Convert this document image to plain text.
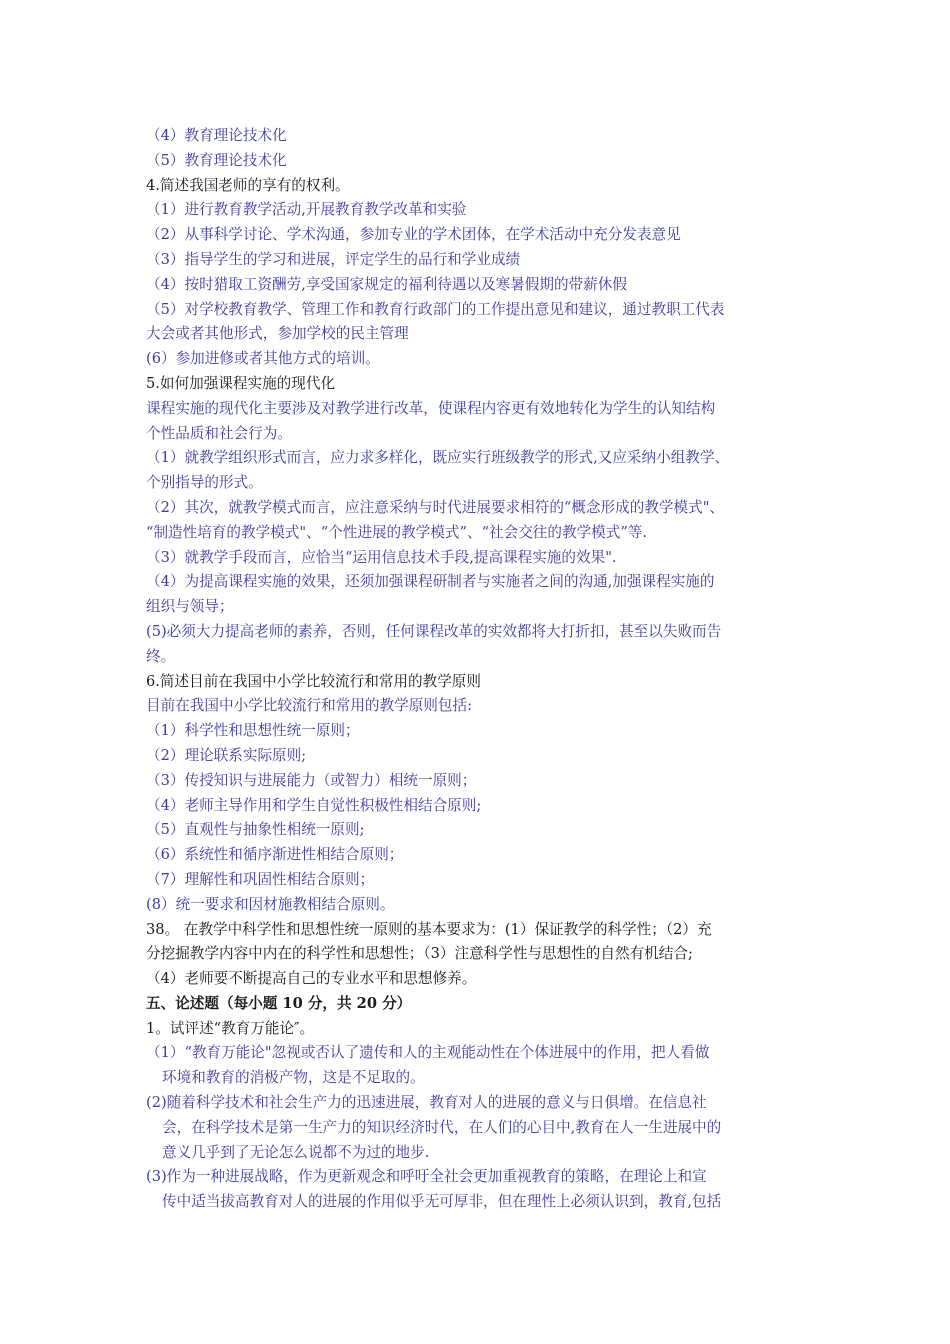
（4）教育理论技术化

（5）教育理论技术化

4.简述我国老师的享有的权利。

（1）进行教育教学活动,开展教育教学改革和实验

（2）从事科学讨论、学术沟通，参加专业的学术团体，在学术活动中充分发表意见

（3）指导学生的学习和进展，评定学生的品行和学业成绩

（4）按时猎取工资酬劳,享受国家规定的福利待遇以及寒暑假期的带薪休假

（5）对学校教育教学、管理工作和教育行政部门的工作提出意见和建议，通过教职工代表

大会或者其他形式，参加学校的民主管理

(6）参加进修或者其他方式的培训。

5.如何加强课程实施的现代化

课程实施的现代化主要涉及对教学进行改革，使课程内容更有效地转化为学生的认知结构

个性品质和社会行为。

（1）就教学组织形式而言，应力求多样化，既应实行班级教学的形式,又应采纳小组教学、

个别指导的形式。

（2）其次，就教学模式而言，应注意采纳与时代进展要求相符的“概念形成的教学模式"、

“制造性培育的教学模式"、“个性进展的教学模式”、“社会交往的教学模式”等.

（3）就教学手段而言，应恰当“运用信息技术手段,提高课程实施的效果".

（4）为提高课程实施的效果，还须加强课程研制者与实施者之间的沟通,加强课程实施的

组织与领导；

(5)必须大力提高老师的素养，否则，任何课程改革的实效都将大打折扣，甚至以失败而告

终。

6.简述目前在我国中小学比较流行和常用的教学原则

目前在我国中小学比较流行和常用的教学原则包括:

（1）科学性和思想性统一原则；

（2）理论联系实际原则;

（3）传授知识与进展能力（或智力）相统一原则；

（4）老师主导作用和学生自觉性积极性相结合原则;

（5）直观性与抽象性相统一原则;

（6）系统性和循序渐进性相结合原则；

（7）理解性和巩固性相结合原则；

(8）统一要求和因材施教相结合原则。

38。 在教学中科学性和思想性统一原则的基本要求为：(1）保证教学的科学性；（2）充

分挖掘教学内容中内在的科学性和思想性；（3）注意科学性与思想性的自然有机结合;

（4）老师要不断提高自己的专业水平和思想修养。

五、论述题（每小题 10 分，共 20 分）

1。试评述“教育万能论″。

（1）“教育万能论"忽视或否认了遗传和人的主观能动性在个体进展中的作用，把人看做

环境和教育的消极产物，这是不足取的。

(2)随着科学技术和社会生产力的迅速进展，教育对人的进展的意义与日俱增。在信息社

会，在科学技术是第一生产力的知识经济时代，在人们的心目中,教育在人一生进展中的

意义几乎到了无论怎么说都不为过的地步.

(3)作为一种进展战略，作为更新观念和呼吁全社会更加重视教育的策略，在理论上和宣

传中适当拔高教育对人的进展的作用似乎无可厚非，但在理性上必须认识到，教育,包括
